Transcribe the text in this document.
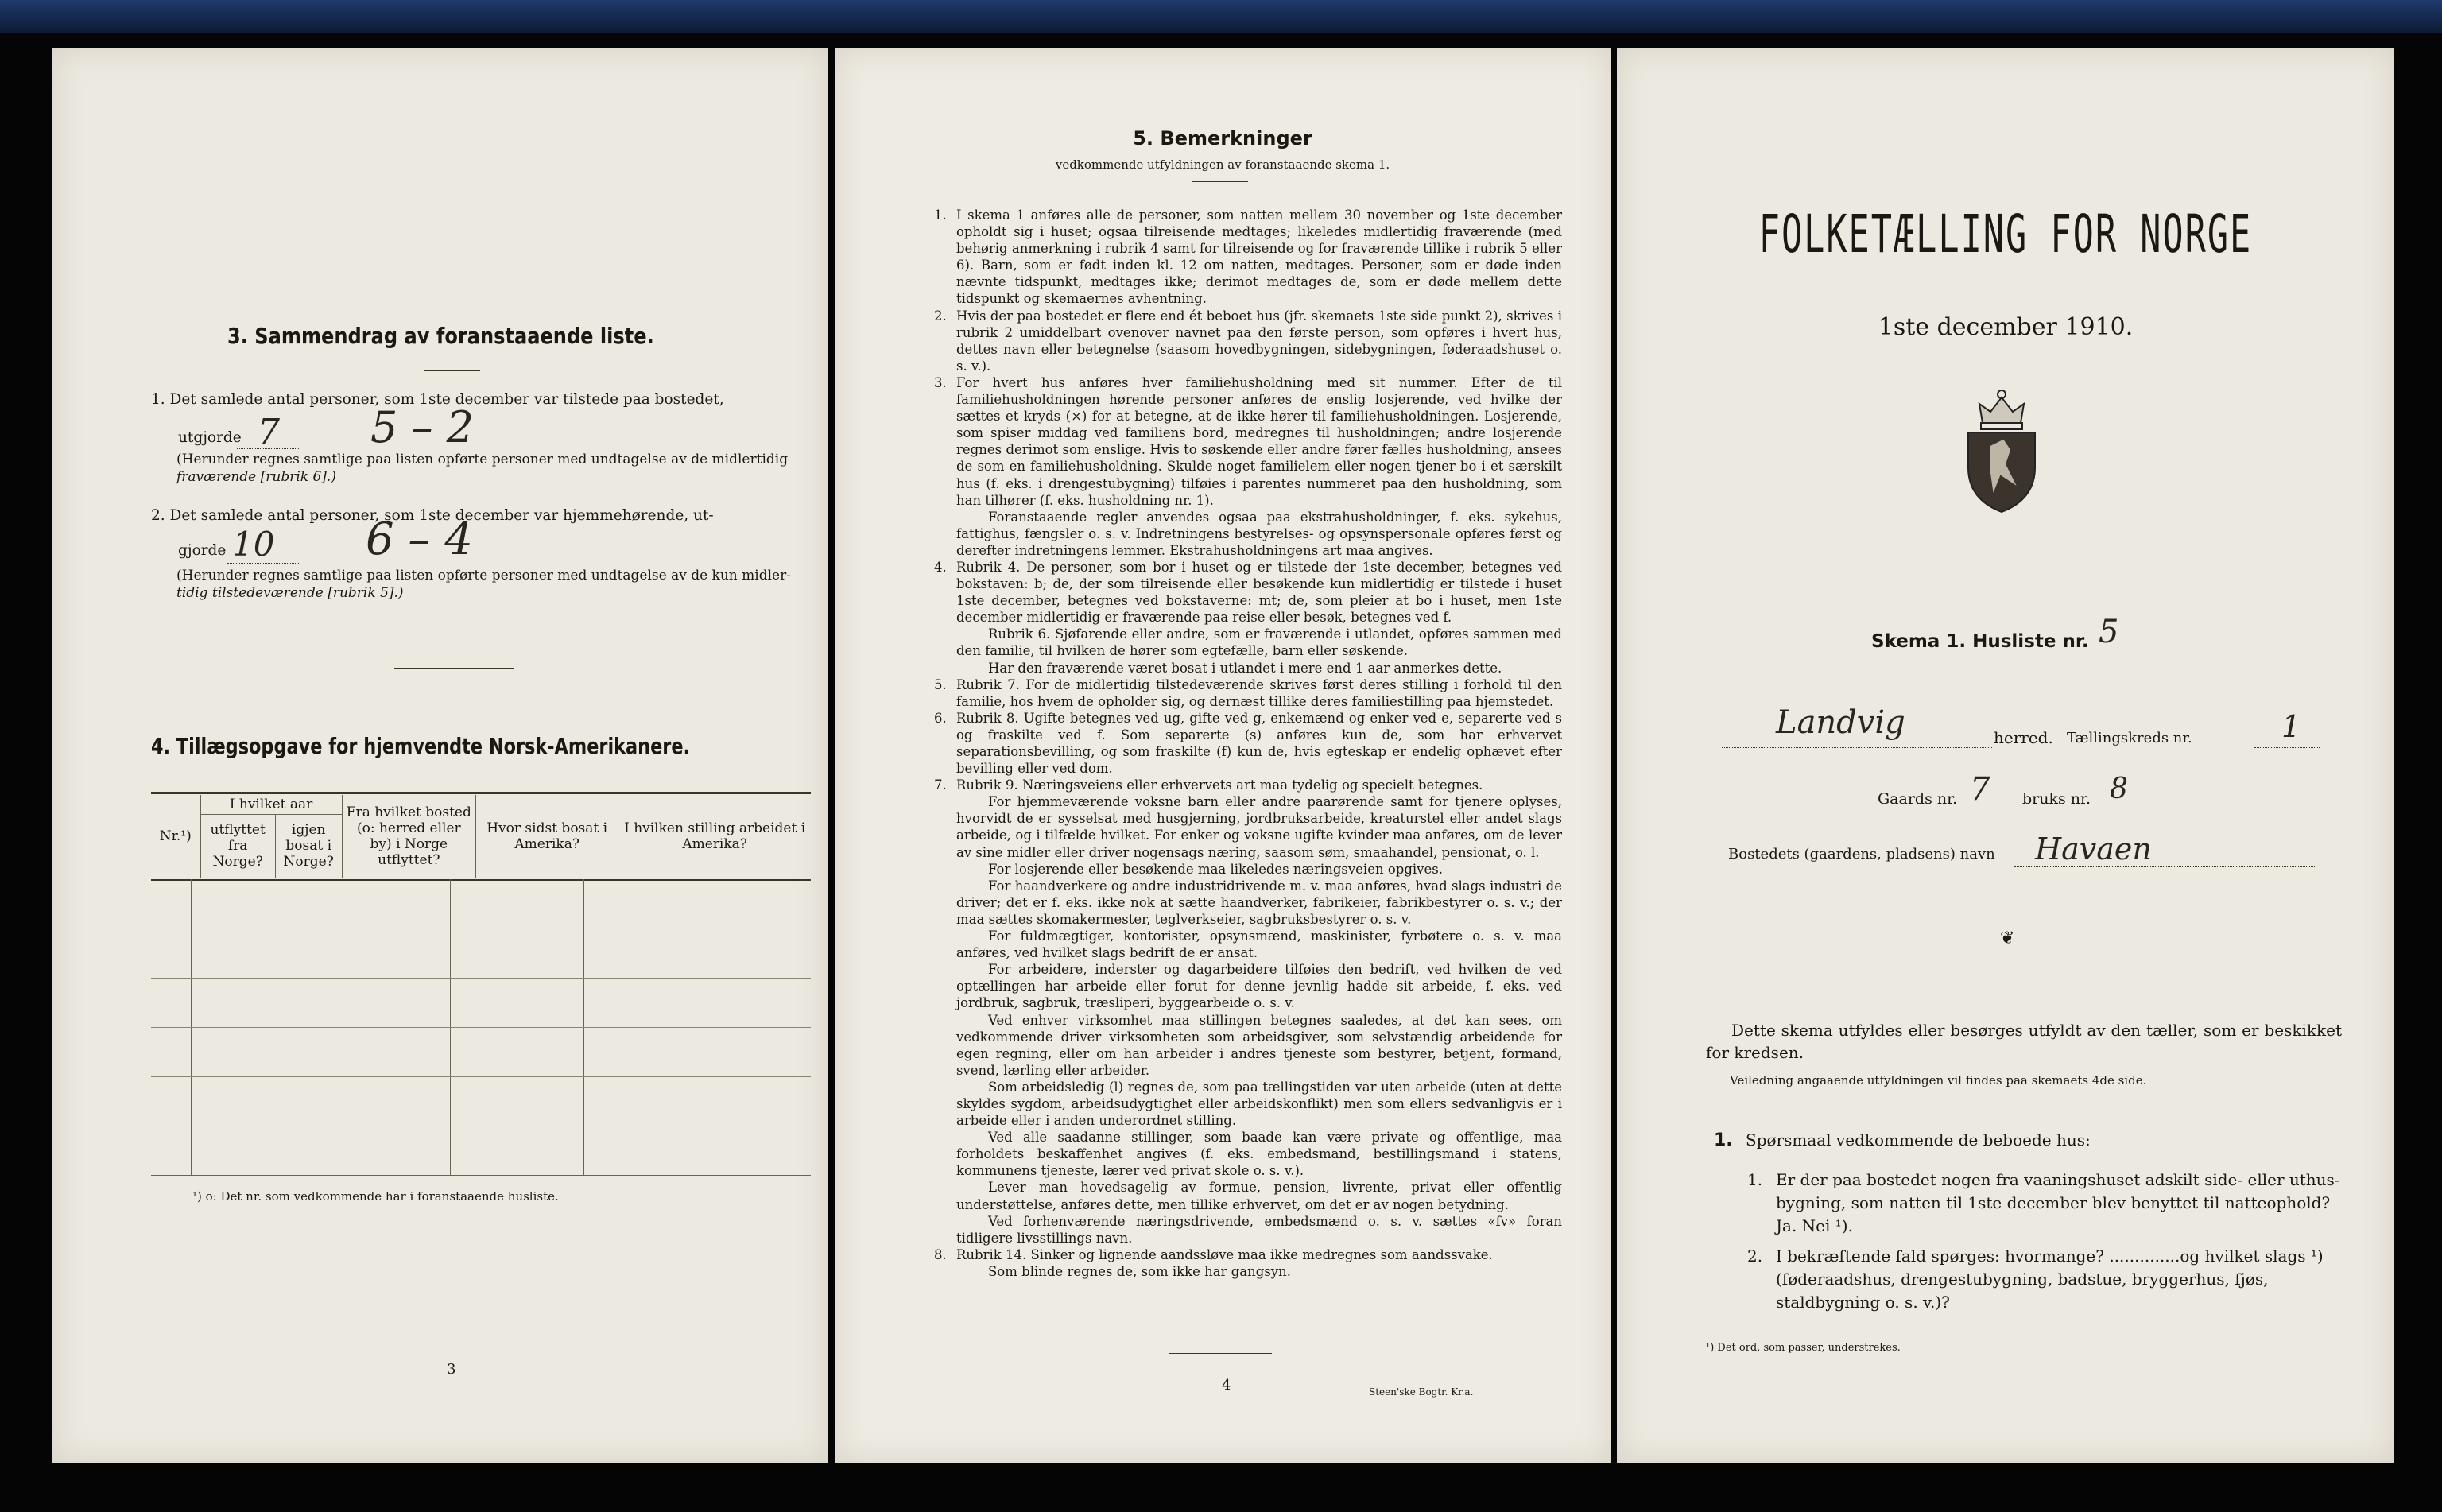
3. Sammendrag av foranstaaende liste.
1. Det samlede antal personer, som 1ste december var tilstede paa bostedet,
utgjorde 7 5 – 2
(Herunder regnes samtlige paa listen opførte personer med undtagelse av de midlertidig
fraværende [rubrik 6].)
2. Det samlede antal personer, som 1ste december var hjemmehørende, ut-
gjorde 10 6 – 4
(Herunder regnes samtlige paa listen opførte personer med undtagelse av de kun midler-
tidig tilstedeværende [rubrik 5].)
4. Tillægsopgave for hjemvendte Norsk-Amerikanere.
Nr.¹)	I hvilket aar		Fra hvilket bosted (o: herred eller by) i Norge utflyttet?	Hvor sidst bosat i Amerika?	I hvilken stilling arbeidet i Amerika?
	utflyttet fra Norge?	igjen bosat i Norge?			
¹) o: Det nr. som vedkommende har i foranstaaende husliste.
3
5. Bemerkninger
vedkommende utfyldningen av foranstaaende skema 1.
1. I skema 1 anføres alle de personer, som natten mellem 30 november og 1ste december opholdt sig i huset; ogsaa tilreisende medtages; likeledes midlertidig fraværende (med behørig anmerkning i rubrik 4 samt for tilreisende og for fraværende tillike i rubrik 5 eller 6). Barn, som er født inden kl. 12 om natten, medtages. Personer, som er døde inden nævnte tidspunkt, medtages ikke; derimot medtages de, som er døde mellem dette tidspunkt og skemaernes avhentning.
2. Hvis der paa bostedet er flere end ét beboet hus (jfr. skemaets 1ste side punkt 2), skrives i rubrik 2 umiddelbart ovenover navnet paa den første person, som opføres i hvert hus, dettes navn eller betegnelse (saasom hovedbygningen, sidebygningen, føderaadshuset o. s. v.).
3. For hvert hus anføres hver familiehusholdning med sit nummer. Efter de til familiehusholdningen hørende personer anføres de enslig losjerende, ved hvilke der sættes et kryds (×) for at betegne, at de ikke hører til familiehusholdningen. Losjerende, som spiser middag ved familiens bord, medregnes til husholdningen; andre losjerende regnes derimot som enslige. Hvis to søskende eller andre fører fælles husholdning, ansees de som en familiehusholdning. Skulde noget familielem eller nogen tjener bo i et særskilt hus (f. eks. i drengestubygning) tilføies i parentes nummeret paa den husholdning, som han tilhører (f. eks. husholdning nr. 1).
Foranstaaende regler anvendes ogsaa paa ekstrahusholdninger, f. eks. sykehus, fattighus, fængsler o. s. v. Indretningens bestyrelses- og opsynspersonale opføres først og derefter indretningens lemmer. Ekstrahusholdningens art maa angives.
4. Rubrik 4. De personer, som bor i huset og er tilstede der 1ste december, betegnes ved bokstaven: b; de, der som tilreisende eller besøkende kun midlertidig er tilstede i huset 1ste december, betegnes ved bokstaverne: mt; de, som pleier at bo i huset, men 1ste december midlertidig er fraværende paa reise eller besøk, betegnes ved f.
Rubrik 6. Sjøfarende eller andre, som er fraværende i utlandet, opføres sammen med den familie, til hvilken de hører som egtefælle, barn eller søskende.
Har den fraværende været bosat i utlandet i mere end 1 aar anmerkes dette.
5. Rubrik 7. For de midlertidig tilstedeværende skrives først deres stilling i forhold til den familie, hos hvem de opholder sig, og dernæst tillike deres familiestilling paa hjemstedet.
6. Rubrik 8. Ugifte betegnes ved ug, gifte ved g, enkemænd og enker ved e, separerte ved s og fraskilte ved f. Som separerte (s) anføres kun de, som har erhvervet separationsbevilling, og som fraskilte (f) kun de, hvis egteskap er endelig ophævet efter bevilling eller ved dom.
7. Rubrik 9. Næringsveiens eller erhvervets art maa tydelig og specielt betegnes.
For hjemmeværende voksne barn eller andre paarørende samt for tjenere oplyses, hvorvidt de er sysselsat med husgjerning, jordbruksarbeide, kreaturstel eller andet slags arbeide, og i tilfælde hvilket. For enker og voksne ugifte kvinder maa anføres, om de lever av sine midler eller driver nogensags næring, saasom søm, smaahandel, pensionat, o. l.
For losjerende eller besøkende maa likeledes næringsveien opgives.
For haandverkere og andre industridrivende m. v. maa anføres, hvad slags industri de driver; det er f. eks. ikke nok at sætte haandverker, fabrikeier, fabrikbestyrer o. s. v.; der maa sættes skomakermester, teglverkseier, sagbruksbestyrer o. s. v.
For fuldmægtiger, kontorister, opsynsmænd, maskinister, fyrbøtere o. s. v. maa anføres, ved hvilket slags bedrift de er ansat.
For arbeidere, inderster og dagarbeidere tilføies den bedrift, ved hvilken de ved optællingen har arbeide eller forut for denne jevnlig hadde sit arbeide, f. eks. ved jordbruk, sagbruk, træsliperi, byggearbeide o. s. v.
Ved enhver virksomhet maa stillingen betegnes saaledes, at det kan sees, om vedkommende driver virksomheten som arbeidsgiver, som selvstændig arbeidende for egen regning, eller om han arbeider i andres tjeneste som bestyrer, betjent, formand, svend, lærling eller arbeider.
Som arbeidsledig (l) regnes de, som paa tællingstiden var uten arbeide (uten at dette skyldes sygdom, arbeidsudygtighet eller arbeidskonflikt) men som ellers sedvanligvis er i arbeide eller i anden underordnet stilling.
Ved alle saadanne stillinger, som baade kan være private og offentlige, maa forholdets beskaffenhet angives (f. eks. embedsmand, bestillingsmand i statens, kommunens tjeneste, lærer ved privat skole o. s. v.).
Lever man hovedsagelig av formue, pension, livrente, privat eller offentlig understøttelse, anføres dette, men tillike erhvervet, om det er av nogen betydning.
Ved forhenværende næringsdrivende, embedsmænd o. s. v. sættes «fv» foran tidligere livsstillings navn.
8. Rubrik 14. Sinker og lignende aandssløve maa ikke medregnes som aandssvake.
Som blinde regnes de, som ikke har gangsyn.
4	Steen'ske Bogtr. Kr.a.
FOLKETÆLLING FOR NORGE
1ste december 1910.
Skema 1. Husliste nr. 5
Landvig	herred. Tællingskreds nr.	1
Gaards nr. 7 bruks nr. 8
Bostedets (gaardens, pladsens) navn Havaen
❦
Dette skema utfyldes eller besørges utfyldt av den tæller, som er beskikket for kredsen.
Veiledning angaaende utfyldningen vil findes paa skemaets 4de side.
1. Spørsmaal vedkommende de beboede hus:
1. Er der paa bostedet nogen fra vaaningshuset adskilt side- eller uthus-bygning, som natten til 1ste december blev benyttet til natteophold? Ja. Nei ¹).
2. I bekræftende fald spørges: hvormange? ..............og hvilket slags ¹) (føderaadshus, drengestubygning, badstue, bryggerhus, fjøs, staldbygning o. s. v.)?
¹) Det ord, som passer, understrekes.
